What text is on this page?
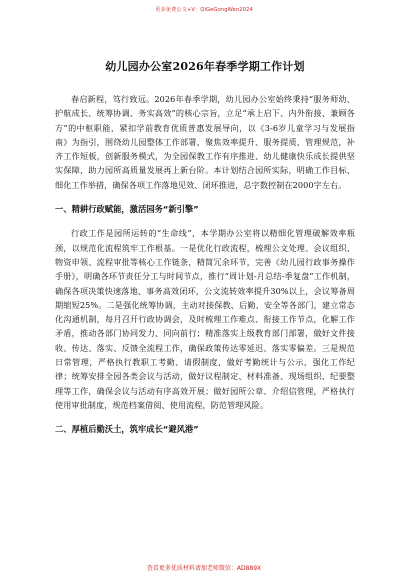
更多免费公文+V：QiGeGongWen2024
幼儿园办公室2026年春季学期工作计划

春启新程，笃行致远。2026年春季学期，幼儿园办公室始终秉持“服务师幼、护航成长、统筹协调、务实高效”的核心宗旨，立足“承上启下、内外衔接、兼顾各方”的中枢职能，紧扣学前教育优质普惠发展导向，以《3-6岁儿童学习与发展指南》为指引，围绕幼儿园整体工作部署，聚焦效率提升、服务提质、管理规范，补齐工作短板，创新服务模式，为全园保教工作有序推进、幼儿健康快乐成长提供坚实保障，助力园所高质量发展再上新台阶。本计划结合园所实际，明确工作目标、细化工作举措，确保各项工作落地见效、闭环推进，总字数控制在2000字左右。

一、精耕行政赋能，激活园务“新引擎”

行政工作是园所运转的“生命线”，本学期办公室将以精细化管理破解效率瓶颈，以规范化流程筑牢工作根基。一是优化行政流程，梳理公文处理、会议组织、物资申领、流程审批等核心工作链条，精简冗余环节，完善《幼儿园行政事务操作手册》，明确各环节责任分工与时间节点，推行“周计划-月总结-季复盘”工作机制，确保各项决策快速落地、事务高效闭环，公文流转效率提升30%以上，会议筹备周期缩短25%。二是强化统筹协调，主动对接保教、后勤、安全等各部门，建立常态化沟通机制，每月召开行政协调会，及时梳理工作难点、衔接工作节点，化解工作矛盾，推动各部门协同发力、同向前行；精准落实上级教育部门部署，做好文件接收、传达、落实、反馈全流程工作，确保政策传达零延迟、落实零偏差。三是规范日常管理，严格执行教职工考勤、请假制度，做好考勤统计与公示，强化工作纪律；统筹安排全园各类会议与活动，做好议程制定、材料准备、现场组织、纪要整理等工作，确保会议与活动有序高效开展；做好园所公章、介绍信管理，严格执行使用审批制度，规范档案借阅、使用流程，防范管理风险。

二、厚植后勤沃土，筑牢成长“避风港”
查看更多优质材料请加老师微信：AD889X
